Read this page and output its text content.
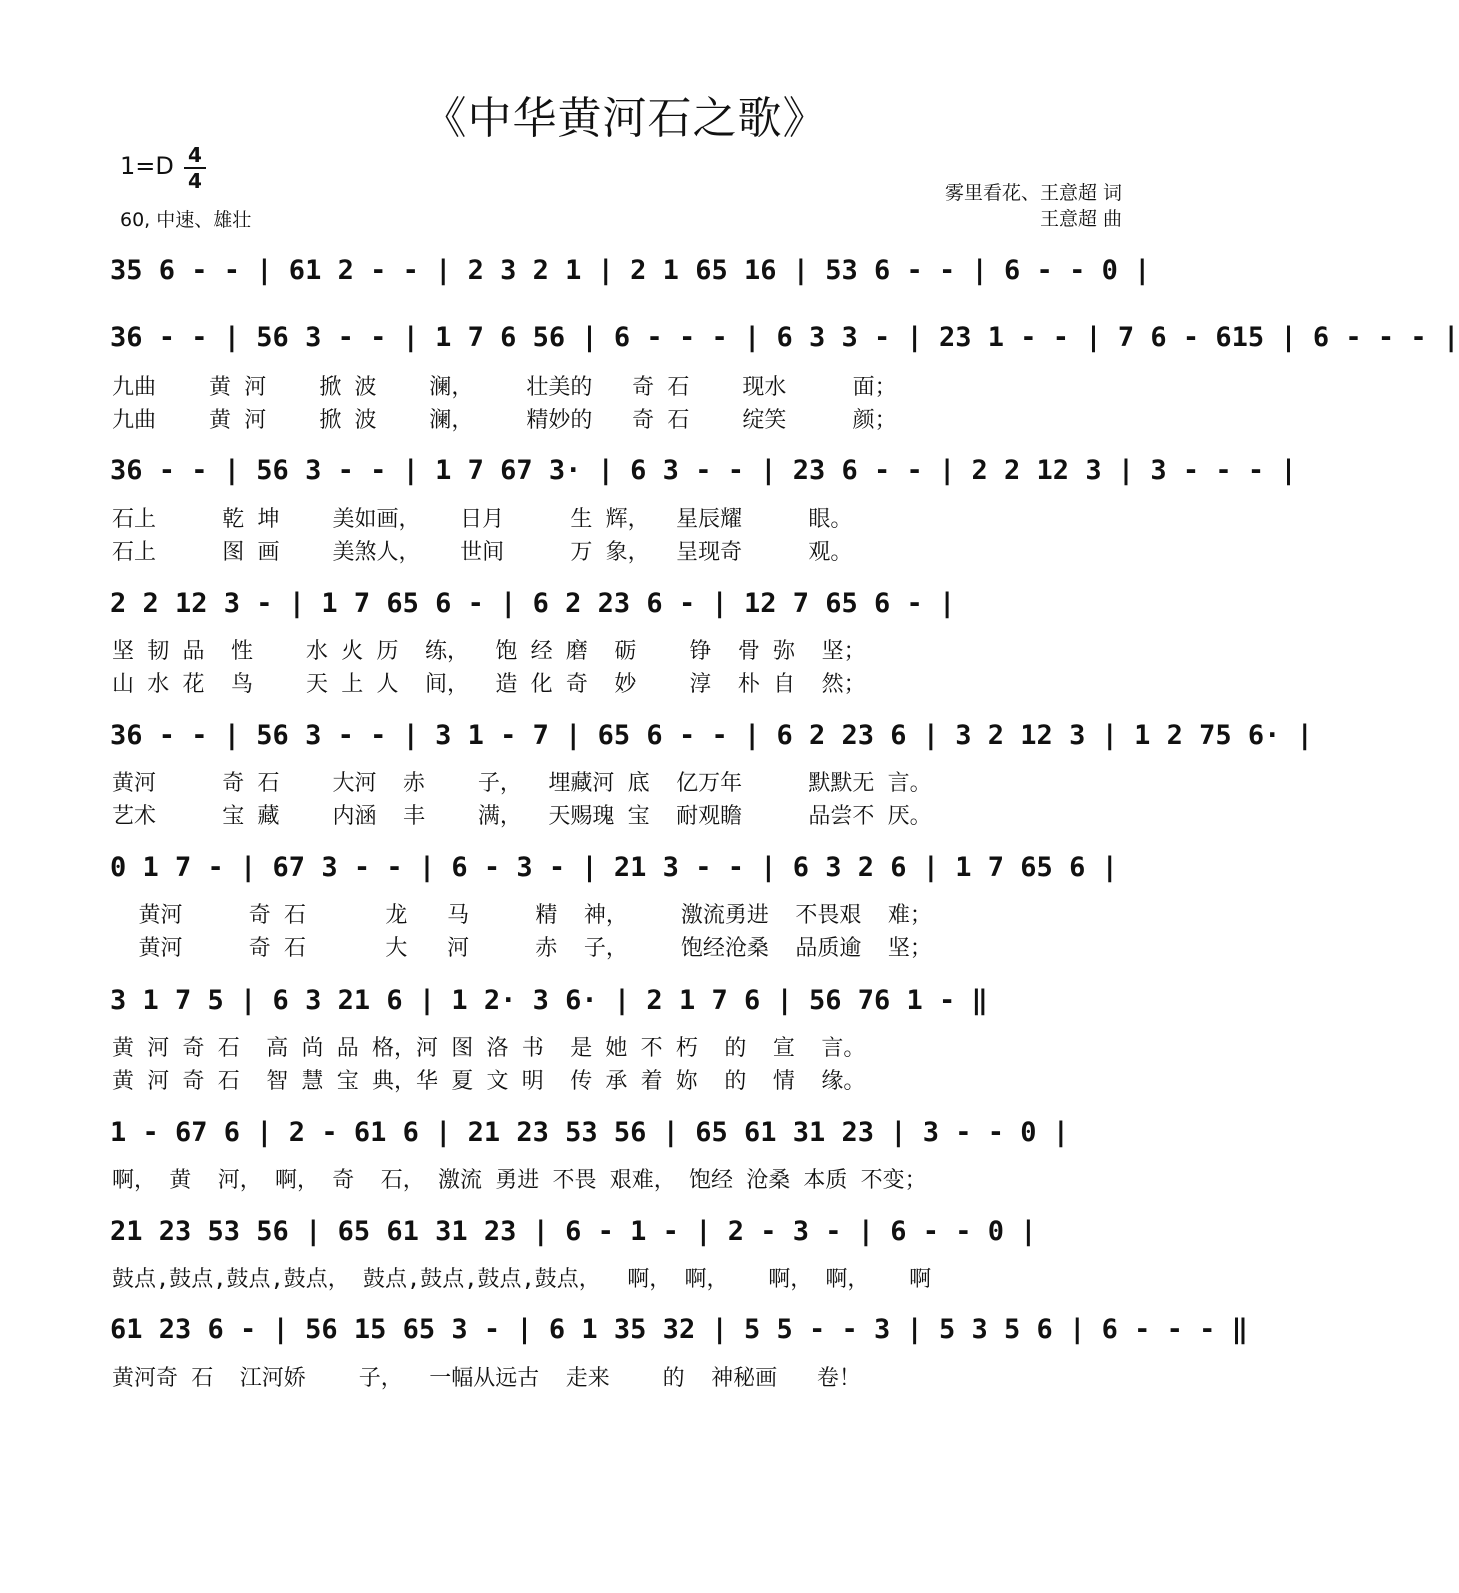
《中华黄河石之歌》
1=D 4
4
60, 中速、雄壮
雾里看花、王意超 词
王意超 曲
35 6 - - | 61 2 - - | 2 3 2 1 | 2 1 65 16 | 53 6 - - | 6 - - 0 |
36 - - | 56 3 - - | 1 7 6 56 | 6 - - - | 6 3 3 - | 23 1 - - | 7 6 - 615 | 6 - - - |
九曲    黄 河    掀 波    澜，    壮美的   奇 石    现水     面；
九曲    黄 河    掀 波    澜，    精妙的   奇 石    绽笑     颜；
36 - - | 56 3 - - | 1 7 67 3· | 6 3 - - | 23 6 - - | 2 2 12 3 | 3 - - - |
石上     乾 坤    美如画，   日月     生 辉，  星辰耀     眼。
石上     图 画    美煞人，   世间     万 象，  呈现奇     观。
2 2 12 3 - | 1 7 65 6 - | 6 2 23 6 - | 12 7 65 6 - |
坚 韧 品  性    水 火 历  练，  饱 经 磨  砺    铮  骨 弥  坚；
山 水 花  鸟    天 上 人  间，  造 化 奇  妙    淳  朴 自  然；
36 - - | 56 3 - - | 3 1 - 7 | 65 6 - - | 6 2 23 6 | 3 2 12 3 | 1 2 75 6· |
黄河     奇 石    大河  赤    子，  埋藏河 底  亿万年     默默无 言。
艺术     宝 藏    内涵  丰    满，  天赐瑰 宝  耐观瞻     品尝不 厌。
0 1 7 - | 67 3 - - | 6 - 3 - | 21 3 - - | 6 3 2 6 | 1 7 65 6 |
黄河     奇 石      龙   马     精  神，    激流勇进  不畏艰  难；
黄河     奇 石      大   河     赤  子，    饱经沧桑  品质逾  坚；
3 1 7 5 | 6 3 21 6 | 1 2· 3 6· | 2 1 7 6 | 56 76 1 - ‖
黄 河 奇 石  高 尚 品 格，河 图 洛 书  是 她 不 朽  的  宣  言。
黄 河 奇 石  智 慧 宝 典，华 夏 文 明  传 承 着 妳  的  情  缘。
1 - 67 6 | 2 - 61 6 | 21 23 53 56 | 65 61 31 23 | 3 - - 0 |
啊， 黄  河， 啊， 奇  石， 激流 勇进 不畏 艰难， 饱经 沧桑 本质 不变；
21 23 53 56 | 65 61 31 23 | 6 - 1 - | 2 - 3 - | 6 - - 0 |
鼓点,鼓点,鼓点,鼓点， 鼓点,鼓点,鼓点,鼓点，  啊， 啊，   啊， 啊，   啊
61 23 6 - | 56 15 65 3 - | 6 1 35 32 | 5 5 - - 3 | 5 3 5 6 | 6 - - - ‖
黄河奇 石  江河娇    子，  一幅从远古  走来    的  神秘画   卷！
